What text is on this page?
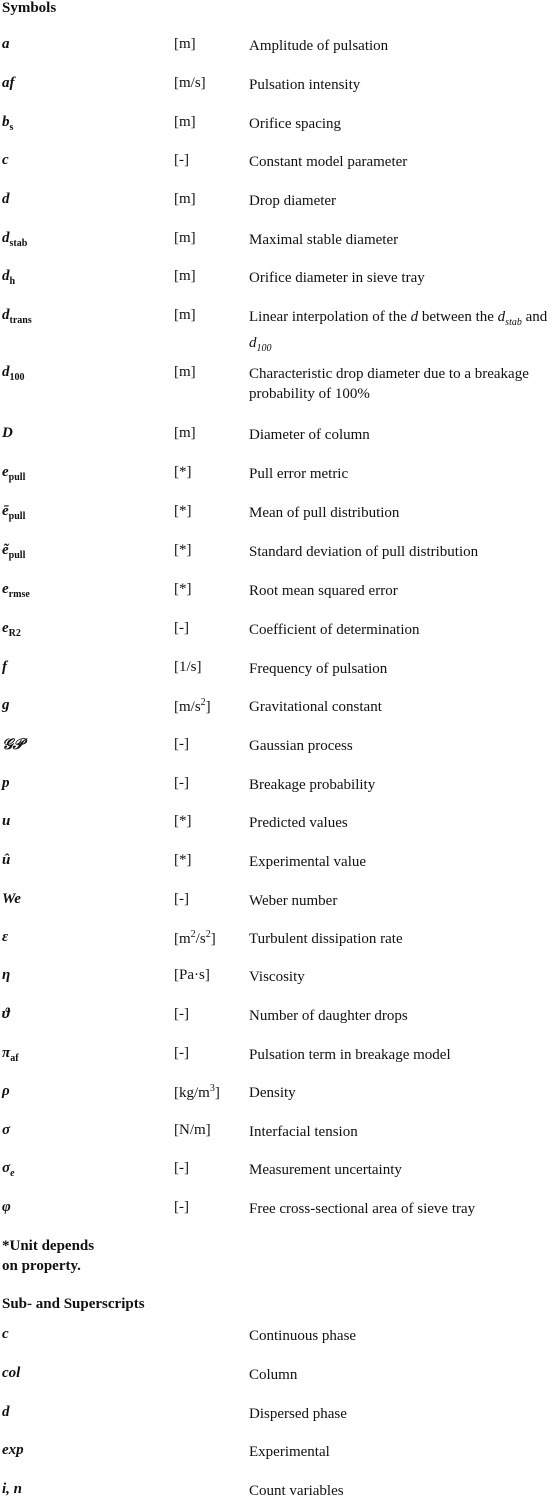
Symbols
a	[m]	Amplitude of pulsation
af	[m/s]	Pulsation intensity
$b_s$	[m]	Orifice spacing
c	[-]	Constant model parameter
d	[m]	Drop diameter
$d_{stab}$	[m]	Maximal stable diameter
$d_h$	[m]	Orifice diameter in sieve tray
$d_{trans}$	[m]	Linear interpolation of the d between the $d_{stab}$ and $d_{100}$
$d_{100}$	[m]	Characteristic drop diameter due to a breakage probability of 100%
D	[m]	Diameter of column
$e_{pull}$	[*]	Pull error metric
$ē_{pull}$	[*]	Mean of pull distribution
ẽ$_{pull}$	[*]	Standard deviation of pull distribution
$e_{rmse}$	[*]	Root mean squared error
$e_{R2}$	[-]	Coefficient of determination
f	[1/s]	Frequency of pulsation
g	$[m/s^2]$	Gravitational constant
𝒢𝒫	[-]	Gaussian process
p	[-]	Breakage probability
u	[*]	Predicted values
û	[*]	Experimental value
We	[-]	Weber number
ε	$[m^2/s^2]$ Turbulent dissipation rate
η	[Pa·s]	Viscosity
ϑ	[-]	Number of daughter drops
$\pi_{af}$	[-]	Pulsation term in breakage model
ρ	$[kg/m^3]$ Density
σ	[N/m]	Interfacial tension
$\sigma_e$	[-]	Measurement uncertainty
φ	[-]	Free cross-sectional area of sieve tray
*Unit depends
on property.
Sub- and Superscripts
c	Continuous phase
col	Column
d	Dispersed phase
exp	Experimental
i, n	Count variables
